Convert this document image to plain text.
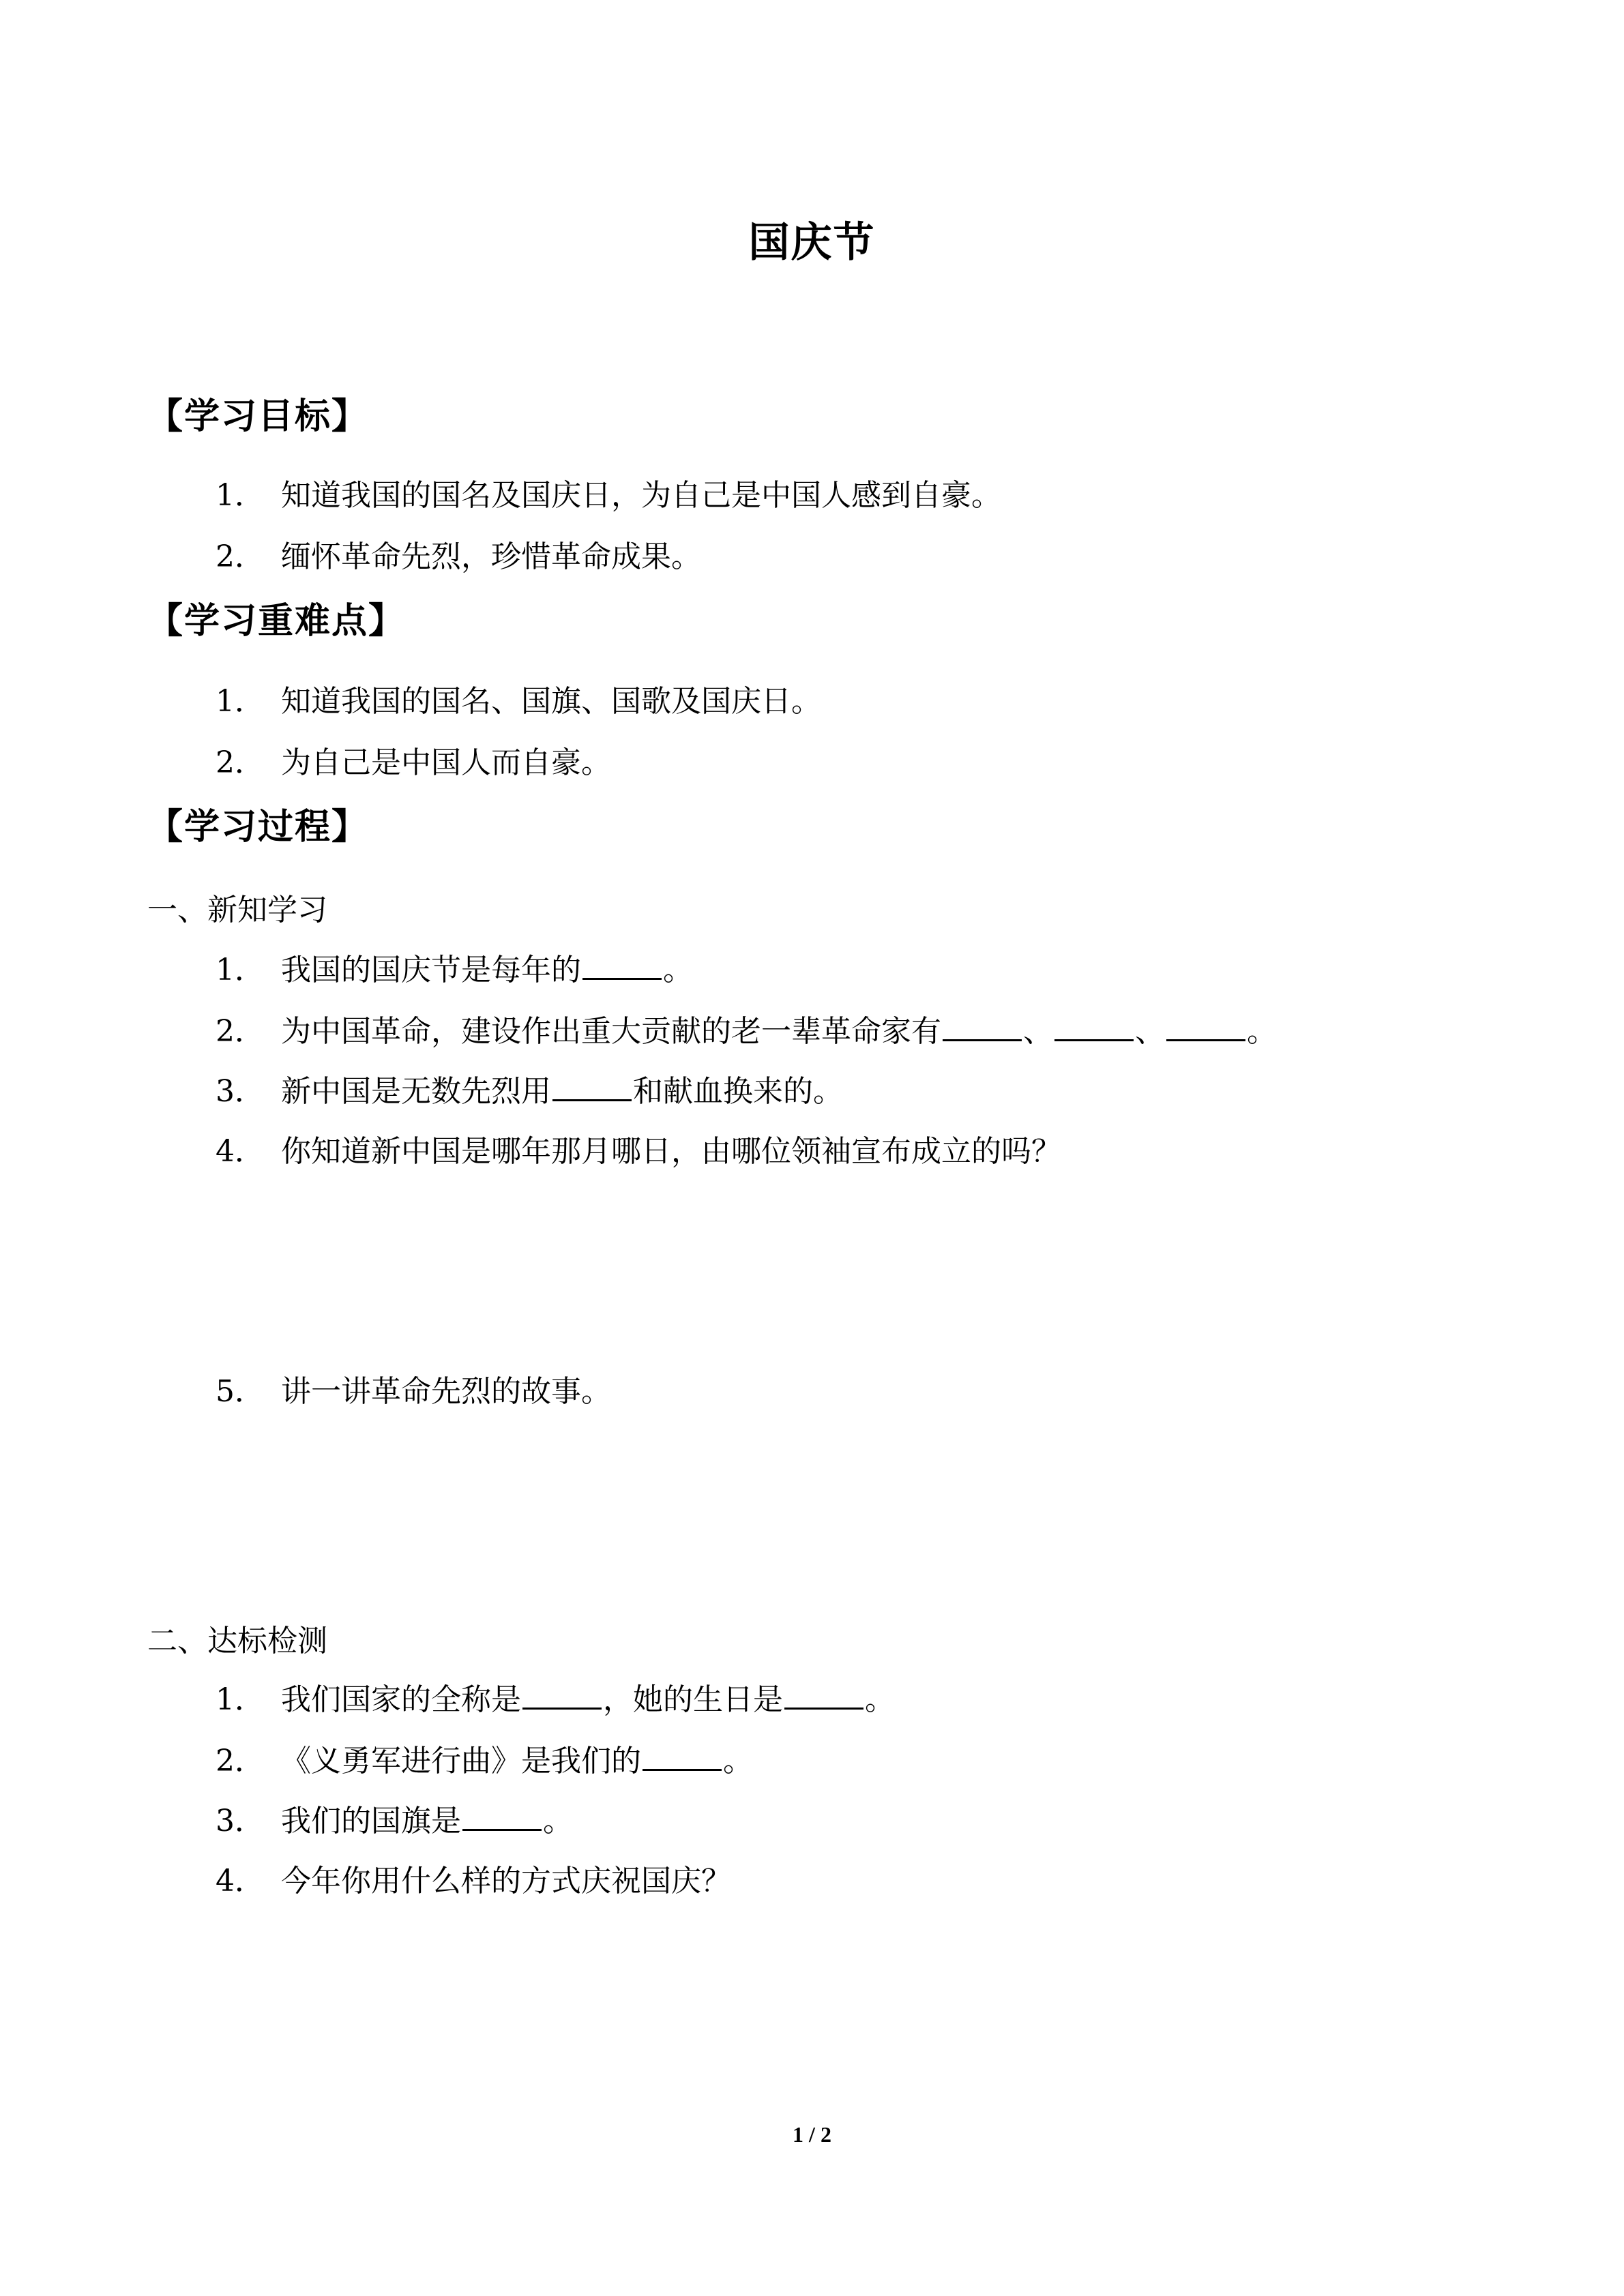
国庆节
【学习目标】
1． 知道我国的国名及国庆日，为自己是中国人感到自豪。
2． 缅怀革命先烈，珍惜革命成果。
【学习重难点】
1． 知道我国的国名、国旗、国歌及国庆日。
2． 为自己是中国人而自豪。
【学习过程】
一、新知学习
1． 我国的国庆节是每年的	。
2． 为中国革命，建设作出重大贡献的老一辈革命家有	、	、	。
3． 新中国是无数先烈用	和献血换来的。
4． 你知道新中国是哪年那月哪日，由哪位领袖宣布成立的吗？
5． 讲一讲革命先烈的故事。
二、达标检测
1． 我们国家的全称是	，她的生日是	。
2． 《义勇军进行曲》是我们的	。
3． 我们的国旗是	。
4． 今年你用什么样的方式庆祝国庆？
1 / 2
